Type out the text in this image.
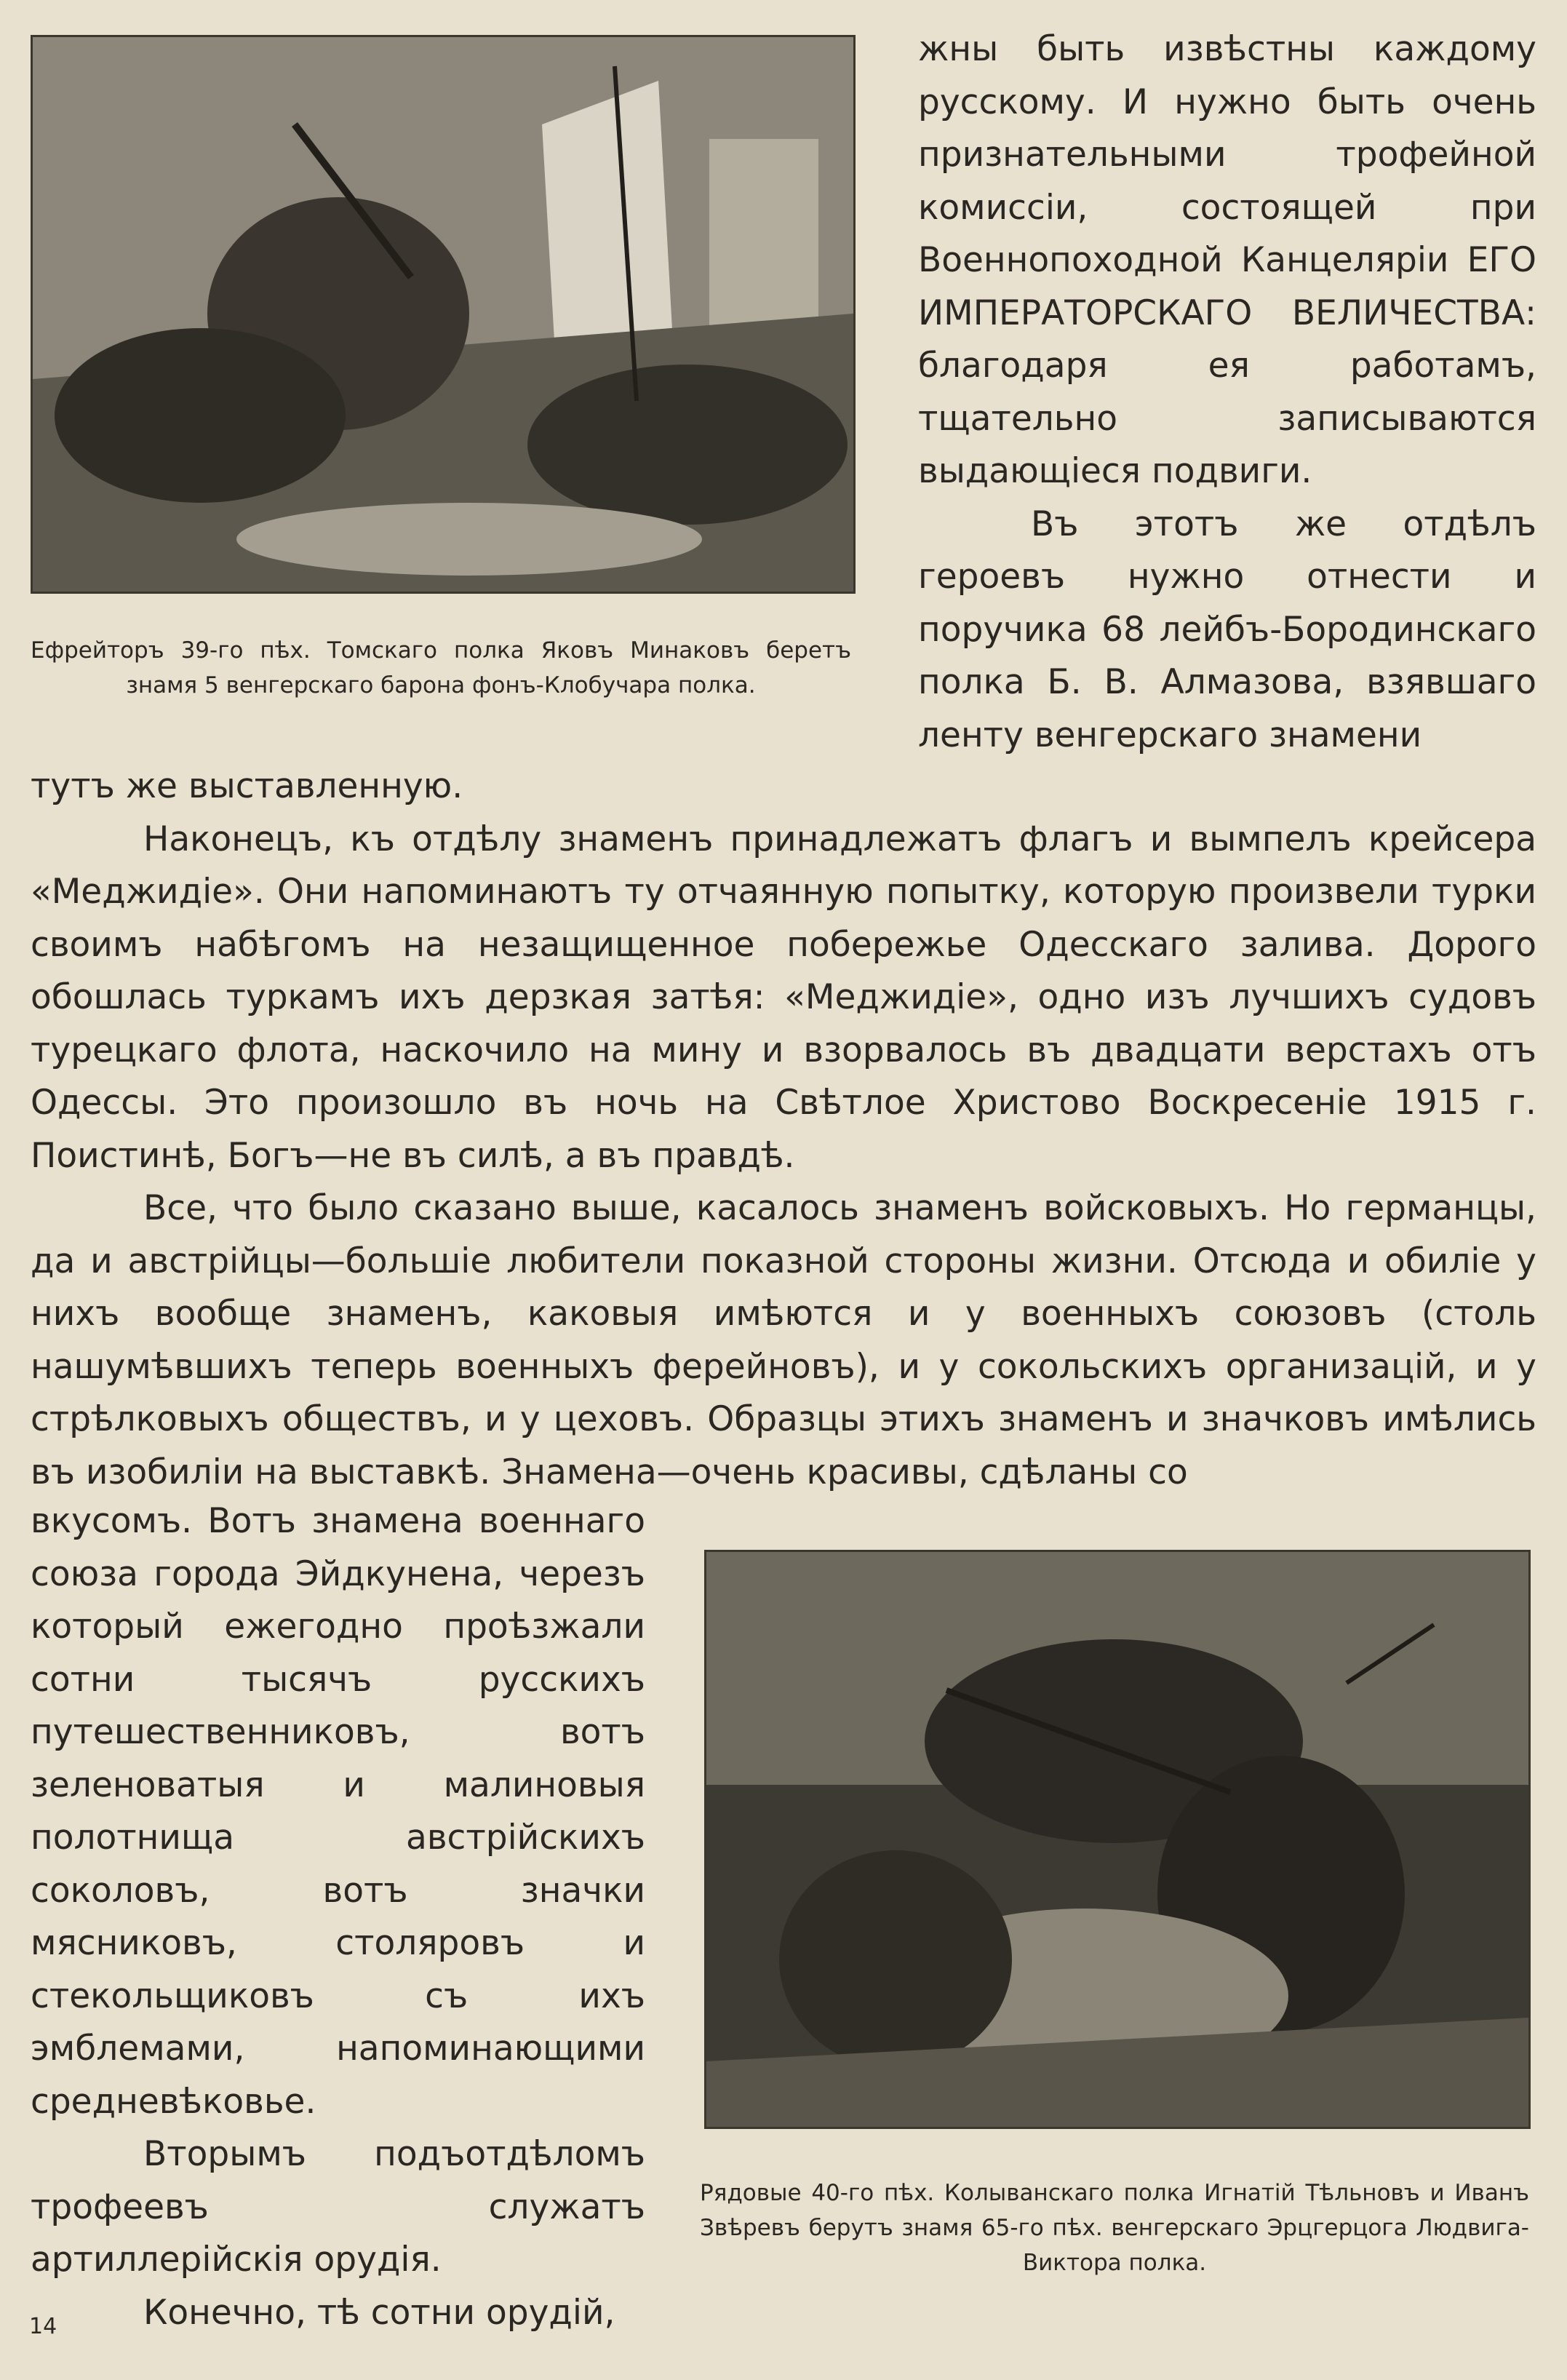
Ефрейторъ 39-го пѣх. Томскаго полка Яковъ Минаковъ беретъ знамя 5 венгерскаго барона фонъ-Клобучара полка.

жны быть извѣстны каждому русскому. И нужно быть очень признательными трофейной комиссіи, состоящей при Военнопоходной Канцеляріи ЕГО ИМПЕРАТОРСКАГО ВЕЛИЧЕСТВА: благодаря ея работамъ, тщательно записываются выдающіеся подвиги.

Въ этотъ же отдѣлъ героевъ нужно отнести и поручика 68 лейбъ-Бородинскаго полка Б. В. Алмазова, взявшаго ленту венгерскаго знамени

тутъ же выставленную.

Наконецъ, къ отдѣлу знаменъ принадлежатъ флагъ и вымпелъ крейсера «Меджидіе». Они напоминаютъ ту отчаянную попытку, которую произвели турки своимъ набѣгомъ на незащищенное побережье Одесскаго залива. Дорого обошлась туркамъ ихъ дерзкая затѣя: «Меджидіе», одно изъ лучшихъ судовъ турецкаго флота, наскочило на мину и взорвалось въ двадцати верстахъ отъ Одессы. Это произошло въ ночь на Свѣтлое Христово Воскресеніе 1915 г. Поистинѣ, Богъ—не въ силѣ, а въ правдѣ.

Все, что было сказано выше, касалось знаменъ войсковыхъ. Но германцы, да и австрійцы—большіе любители показной стороны жизни. Отсюда и обиліе у нихъ вообще знаменъ, каковыя имѣются и у военныхъ союзовъ (столь нашумѣвшихъ теперь военныхъ ферейновъ), и у сокольскихъ организацій, и у стрѣлковыхъ обществъ, и у цеховъ. Образцы этихъ знаменъ и значковъ имѣлись въ изобиліи на выставкѣ. Знамена—очень красивы, сдѣланы со

вкусомъ. Вотъ знамена военнаго союза города Эйдкунена, черезъ который ежегодно проѣзжали сотни тысячъ русскихъ путешественниковъ, вотъ зеленоватыя и малиновыя полотнища австрійскихъ соколовъ, вотъ значки мясниковъ, столяровъ и стекольщиковъ съ ихъ эмблемами, напоминающими средневѣковье.

Вторымъ подъотдѣломъ трофеевъ служатъ артиллерійскія орудія.

Конечно, тѣ сотни орудій,

Рядовые 40-го пѣх. Колыванскаго полка Игнатій Тѣльновъ и Иванъ Звѣревъ берутъ знамя 65-го пѣх. венгерскаго Эрцгерцога Людвига-Виктора полка.
14
